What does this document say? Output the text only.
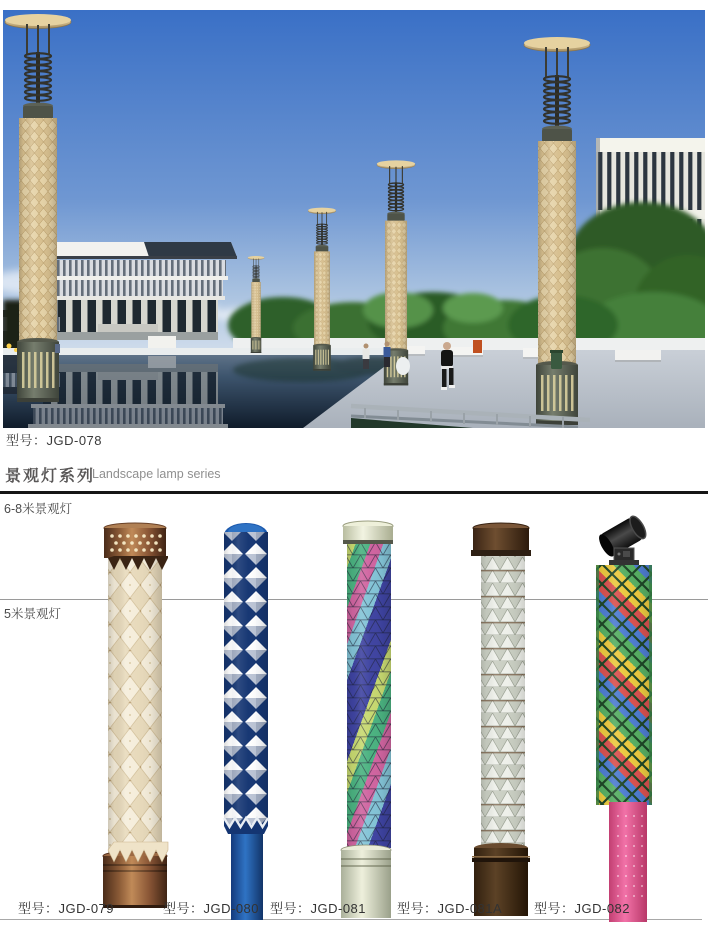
型号：JGD-078
景观灯系列
Landscape lamp series
6-8米景观灯
5米景观灯
型号：JGD-079	型号：JGD-080 型号：JGD-081 型号：JGD-081A 型号：JGD-082
